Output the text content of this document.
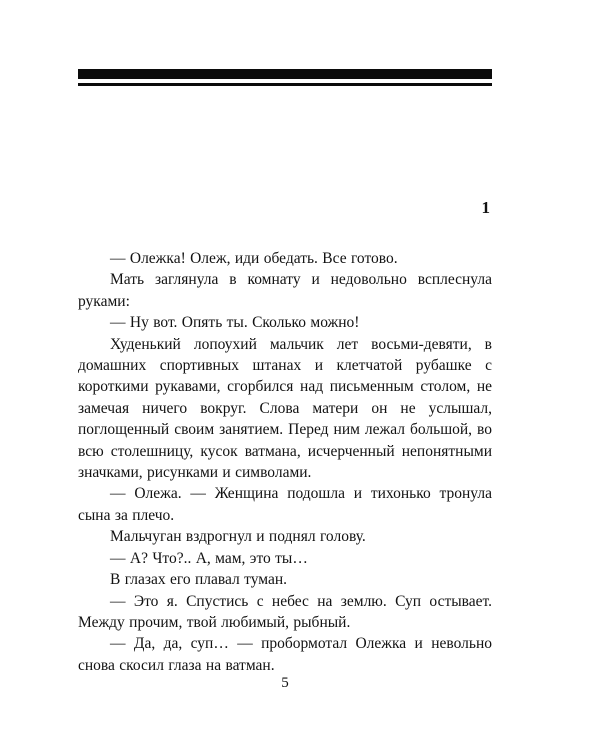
1

— Олежка! Олеж, иди обедать. Все готово.

Мать заглянула в комнату и недовольно всплеснула руками:

— Ну вот. Опять ты. Сколько можно!

Худенький лопоухий мальчик лет восьми-девяти, в домашних спортивных штанах и клетчатой рубашке с короткими рукавами, сгорбился над письменным столом, не замечая ничего вокруг. Слова матери он не услышал, поглощенный своим занятием. Перед ним лежал большой, во всю столешницу, кусок ватмана, исчерченный непонятными значками, рисунками и символами.

— Олежа. — Женщина подошла и тихонько тронула сына за плечо.

Мальчуган вздрогнул и поднял голову.

— А? Что?.. А, мам, это ты…

В глазах его плавал туман.

— Это я. Спустись с небес на землю. Суп остывает. Между прочим, твой любимый, рыбный.

— Да, да, суп… — пробормотал Олежка и невольно снова скосил глаза на ватман.

5
